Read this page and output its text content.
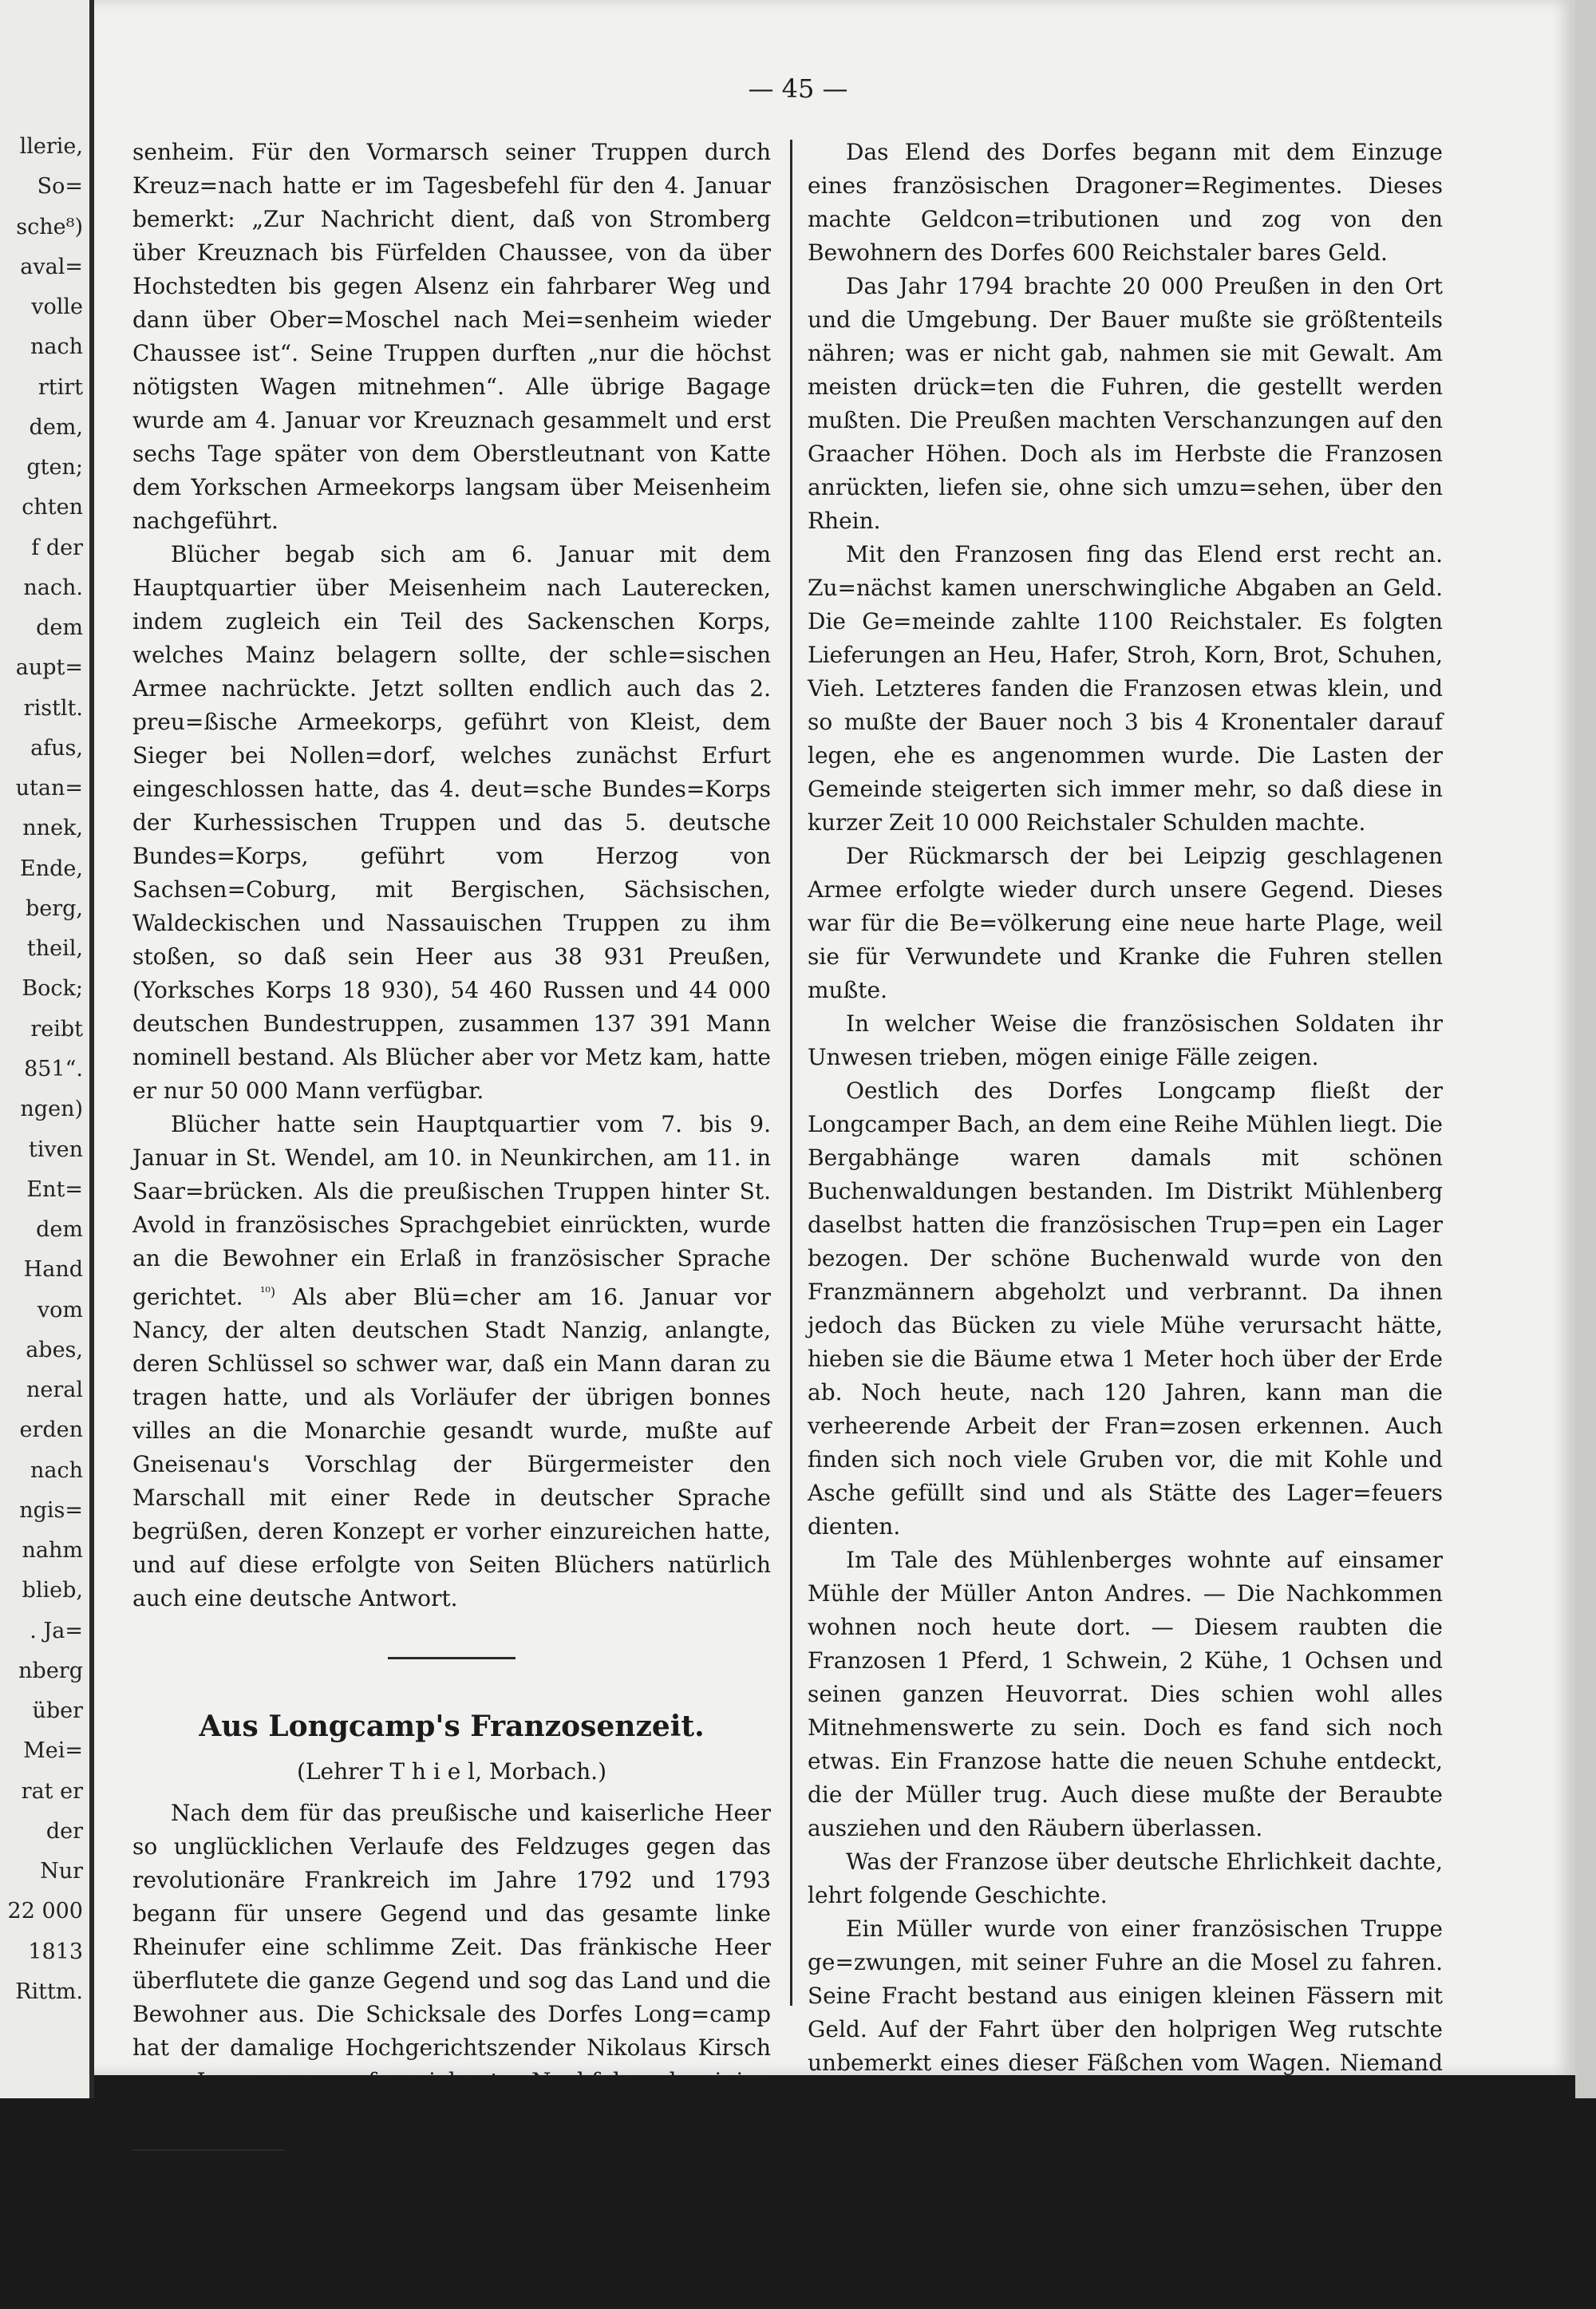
llerie,
So=
sche⁸)
aval=
volle
nach
rtirt
dem,
gten;
chten
f der
nach.
dem
aupt=
ristlt.
afus,
utan=
nnek,
Ende,
berg,
theil,
Bock;
reibt
851“.
ngen)
tiven
Ent=
dem
Hand
vom
abes,
neral
erden
nach
ngis=
nahm
blieb,
. Ja=
nberg
über
Mei=
rat er
der
Nur
22 000
1813
Rittm.
— 45 —

senheim. Für den Vormarsch seiner Truppen durch Kreuz=nach hatte er im Tagesbefehl für den 4. Januar bemerkt: „Zur Nachricht dient, daß von Stromberg über Kreuznach bis Fürfelden Chaussee, von da über Hochstedten bis gegen Alsenz ein fahrbarer Weg und dann über Ober=Moschel nach Mei=senheim wieder Chaussee ist“. Seine Truppen durften „nur die höchst nötigsten Wagen mitnehmen“. Alle übrige Bagage wurde am 4. Januar vor Kreuznach gesammelt und erst sechs Tage später von dem Oberstleutnant von Katte dem Yorkschen Armeekorps langsam über Meisenheim nachgeführt.

Blücher begab sich am 6. Januar mit dem Hauptquartier über Meisenheim nach Lauterecken, indem zugleich ein Teil des Sackenschen Korps, welches Mainz belagern sollte, der schle=sischen Armee nachrückte. Jetzt sollten endlich auch das 2. preu=ßische Armeekorps, geführt von Kleist, dem Sieger bei Nollen=dorf, welches zunächst Erfurt eingeschlossen hatte, das 4. deut=sche Bundes=Korps der Kurhessischen Truppen und das 5. deutsche Bundes=Korps, geführt vom Herzog von Sachsen=Coburg, mit Bergischen, Sächsischen, Waldeckischen und Nassauischen Truppen zu ihm stoßen, so daß sein Heer aus 38 931 Preußen, (Yorksches Korps 18 930), 54 460 Russen und 44 000 deutschen Bundestruppen, zusammen 137 391 Mann nominell bestand. Als Blücher aber vor Metz kam, hatte er nur 50 000 Mann verfügbar.

Blücher hatte sein Hauptquartier vom 7. bis 9. Januar in St. Wendel, am 10. in Neunkirchen, am 11. in Saar=brücken. Als die preußischen Truppen hinter St. Avold in französisches Sprachgebiet einrückten, wurde an die Bewohner ein Erlaß in französischer Sprache gerichtet. $^{^{10})}$ Als aber Blü=cher am 16. Januar vor Nancy, der alten deutschen Stadt Nanzig, anlangte, deren Schlüssel so schwer war, daß ein Mann daran zu tragen hatte, und als Vorläufer der übrigen bonnes villes an die Monarchie gesandt wurde, mußte auf Gneisenau's Vorschlag der Bürgermeister den Marschall mit einer Rede in deutscher Sprache begrüßen, deren Konzept er vorher einzureichen hatte, und auf diese erfolgte von Seiten Blüchers natürlich auch eine deutsche Antwort.

Aus Longcamp's Franzosenzeit.
(Lehrer T h i e l, Morbach.)

Nach dem für das preußische und kaiserliche Heer so unglücklichen Verlaufe des Feldzuges gegen das revolutionäre Frankreich im Jahre 1792 und 1793 begann für unsere Gegend und das gesamte linke Rheinufer eine schlimme Zeit. Das fränkische Heer überflutete die ganze Gegend und sog das Land und die Bewohner aus. Die Schicksale des Dorfes Long=camp hat der damalige Hochgerichtszender Nikolaus Kirsch aus Longcamp aufgezeichnet. Nachfolgend einige Einzelheiten aus diesen Aufzeichnungen.

¹⁰) Zu Trier wurde am 15. Januar in dem noch zwei=sprachigen Journal du Département de la Sarre, Journal des Saardepartements Blüchers Erlaß vom 1. Januar in französi=scher Uebersetzung und deutschem Original gedruckt; am Ende de Blucher, von Blücher.

Das Elend des Dorfes begann mit dem Einzuge eines französischen Dragoner=Regimentes. Dieses machte Geldcon=tributionen und zog von den Bewohnern des Dorfes 600 Reichstaler bares Geld.

Das Jahr 1794 brachte 20 000 Preußen in den Ort und die Umgebung. Der Bauer mußte sie größtenteils nähren; was er nicht gab, nahmen sie mit Gewalt. Am meisten drück=ten die Fuhren, die gestellt werden mußten. Die Preußen machten Verschanzungen auf den Graacher Höhen. Doch als im Herbste die Franzosen anrückten, liefen sie, ohne sich umzu=sehen, über den Rhein.

Mit den Franzosen fing das Elend erst recht an. Zu=nächst kamen unerschwingliche Abgaben an Geld. Die Ge=meinde zahlte 1100 Reichstaler. Es folgten Lieferungen an Heu, Hafer, Stroh, Korn, Brot, Schuhen, Vieh. Letzteres fanden die Franzosen etwas klein, und so mußte der Bauer noch 3 bis 4 Kronentaler darauf legen, ehe es angenommen wurde. Die Lasten der Gemeinde steigerten sich immer mehr, so daß diese in kurzer Zeit 10 000 Reichstaler Schulden machte.

Der Rückmarsch der bei Leipzig geschlagenen Armee erfolgte wieder durch unsere Gegend. Dieses war für die Be=völkerung eine neue harte Plage, weil sie für Verwundete und Kranke die Fuhren stellen mußte.

In welcher Weise die französischen Soldaten ihr Unwesen trieben, mögen einige Fälle zeigen.

Oestlich des Dorfes Longcamp fließt der Longcamper Bach, an dem eine Reihe Mühlen liegt. Die Bergabhänge waren damals mit schönen Buchenwaldungen bestanden. Im Distrikt Mühlenberg daselbst hatten die französischen Trup=pen ein Lager bezogen. Der schöne Buchenwald wurde von den Franzmännern abgeholzt und verbrannt. Da ihnen jedoch das Bücken zu viele Mühe verursacht hätte, hieben sie die Bäume etwa 1 Meter hoch über der Erde ab. Noch heute, nach 120 Jahren, kann man die verheerende Arbeit der Fran=zosen erkennen. Auch finden sich noch viele Gruben vor, die mit Kohle und Asche gefüllt sind und als Stätte des Lager=feuers dienten.

Im Tale des Mühlenberges wohnte auf einsamer Mühle der Müller Anton Andres. — Die Nachkommen wohnen noch heute dort. — Diesem raubten die Franzosen 1 Pferd, 1 Schwein, 2 Kühe, 1 Ochsen und seinen ganzen Heuvorrat. Dies schien wohl alles Mitnehmenswerte zu sein. Doch es fand sich noch etwas. Ein Franzose hatte die neuen Schuhe entdeckt, die der Müller trug. Auch diese mußte der Beraubte ausziehen und den Räubern überlassen.

Was der Franzose über deutsche Ehrlichkeit dachte, lehrt folgende Geschichte.

Ein Müller wurde von einer französischen Truppe ge=zwungen, mit seiner Fuhre an die Mosel zu fahren. Seine Fracht bestand aus einigen kleinen Fässern mit Geld. Auf der Fahrt über den holprigen Weg rutschte unbemerkt eines dieser Fäßchen vom Wagen. Niemand entdeckte diesen Vor=fall. Da kam des Weges ein Bauersmann und fand das Faß mit dem klingenden Inhalte. „Das wäre eine günstige Ge=legenheit, wieder zu deinem geraubten Geld und Gut zu kom=men,“ dachte er. Er sann und erwog, was da zu tun sei.
